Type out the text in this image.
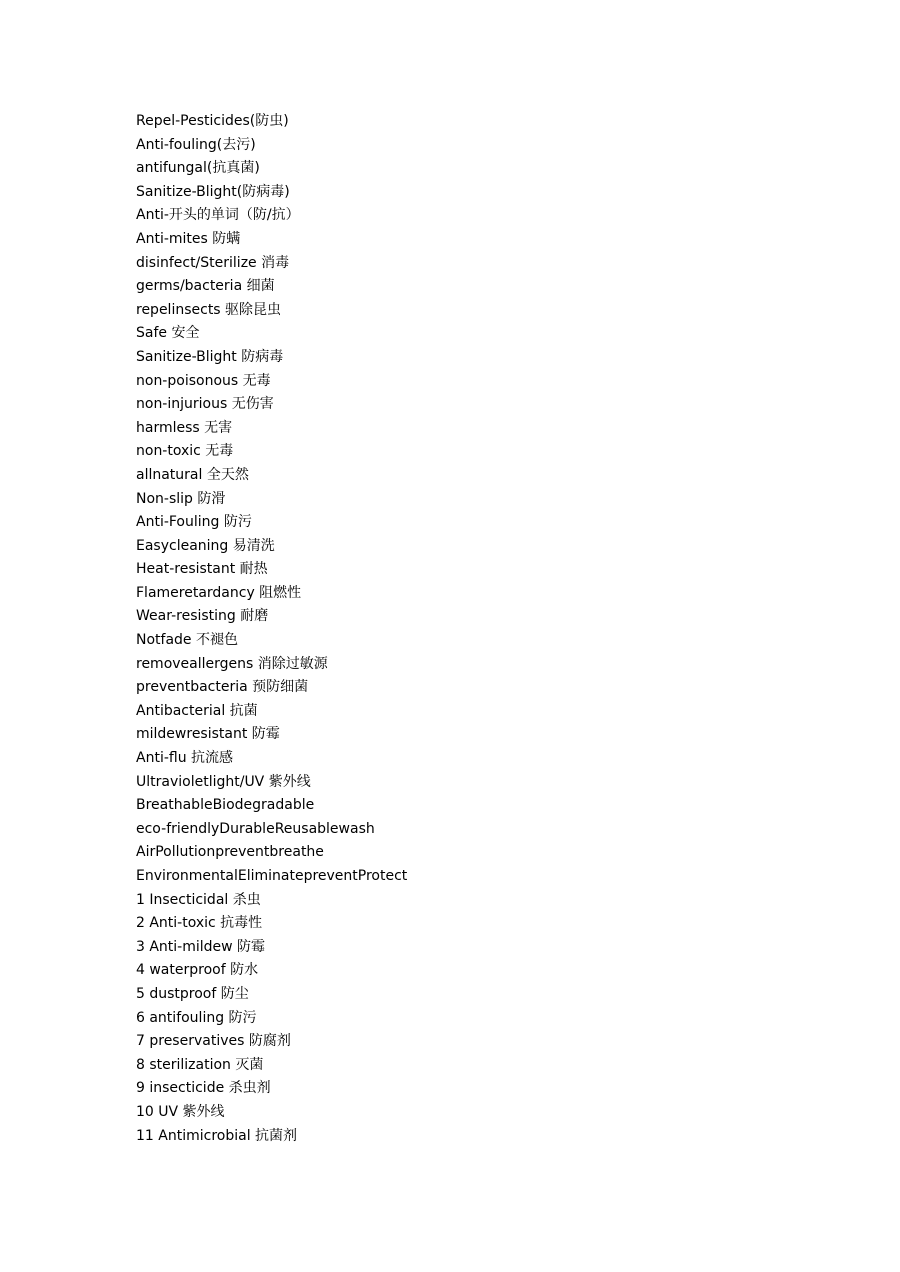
Repel-Pesticides(防虫)
Anti-fouling(去污)
antifungal(抗真菌)
Sanitize-Blight(防病毒)
Anti-开头的单词（防/抗）
Anti-mites 防螨
disinfect/Sterilize 消毒
germs/bacteria 细菌
repelinsects 驱除昆虫
Safe 安全
Sanitize-Blight 防病毒
non-poisonous 无毒
non-injurious 无伤害
harmless 无害
non-toxic 无毒
allnatural 全天然
Non-slip 防滑
Anti-Fouling 防污
Easycleaning 易清洗
Heat-resistant 耐热
Flameretardancy 阻燃性
Wear-resisting 耐磨
Notfade 不褪色
removeallergens 消除过敏源
preventbacteria 预防细菌
Antibacterial 抗菌
mildewresistant 防霉
Anti-flu 抗流感
Ultravioletlight/UV 紫外线
BreathableBiodegradable
eco-friendlyDurableReusablewash
AirPollutionpreventbreathe
EnvironmentalEliminatepreventProtect
1 Insecticidal 杀虫
2 Anti-toxic 抗毒性
3 Anti-mildew 防霉
4 waterproof 防水
5 dustproof 防尘
6 antifouling 防污
7 preservatives 防腐剂
8 sterilization 灭菌
9 insecticide 杀虫剂
10 UV 紫外线
11 Antimicrobial 抗菌剂
